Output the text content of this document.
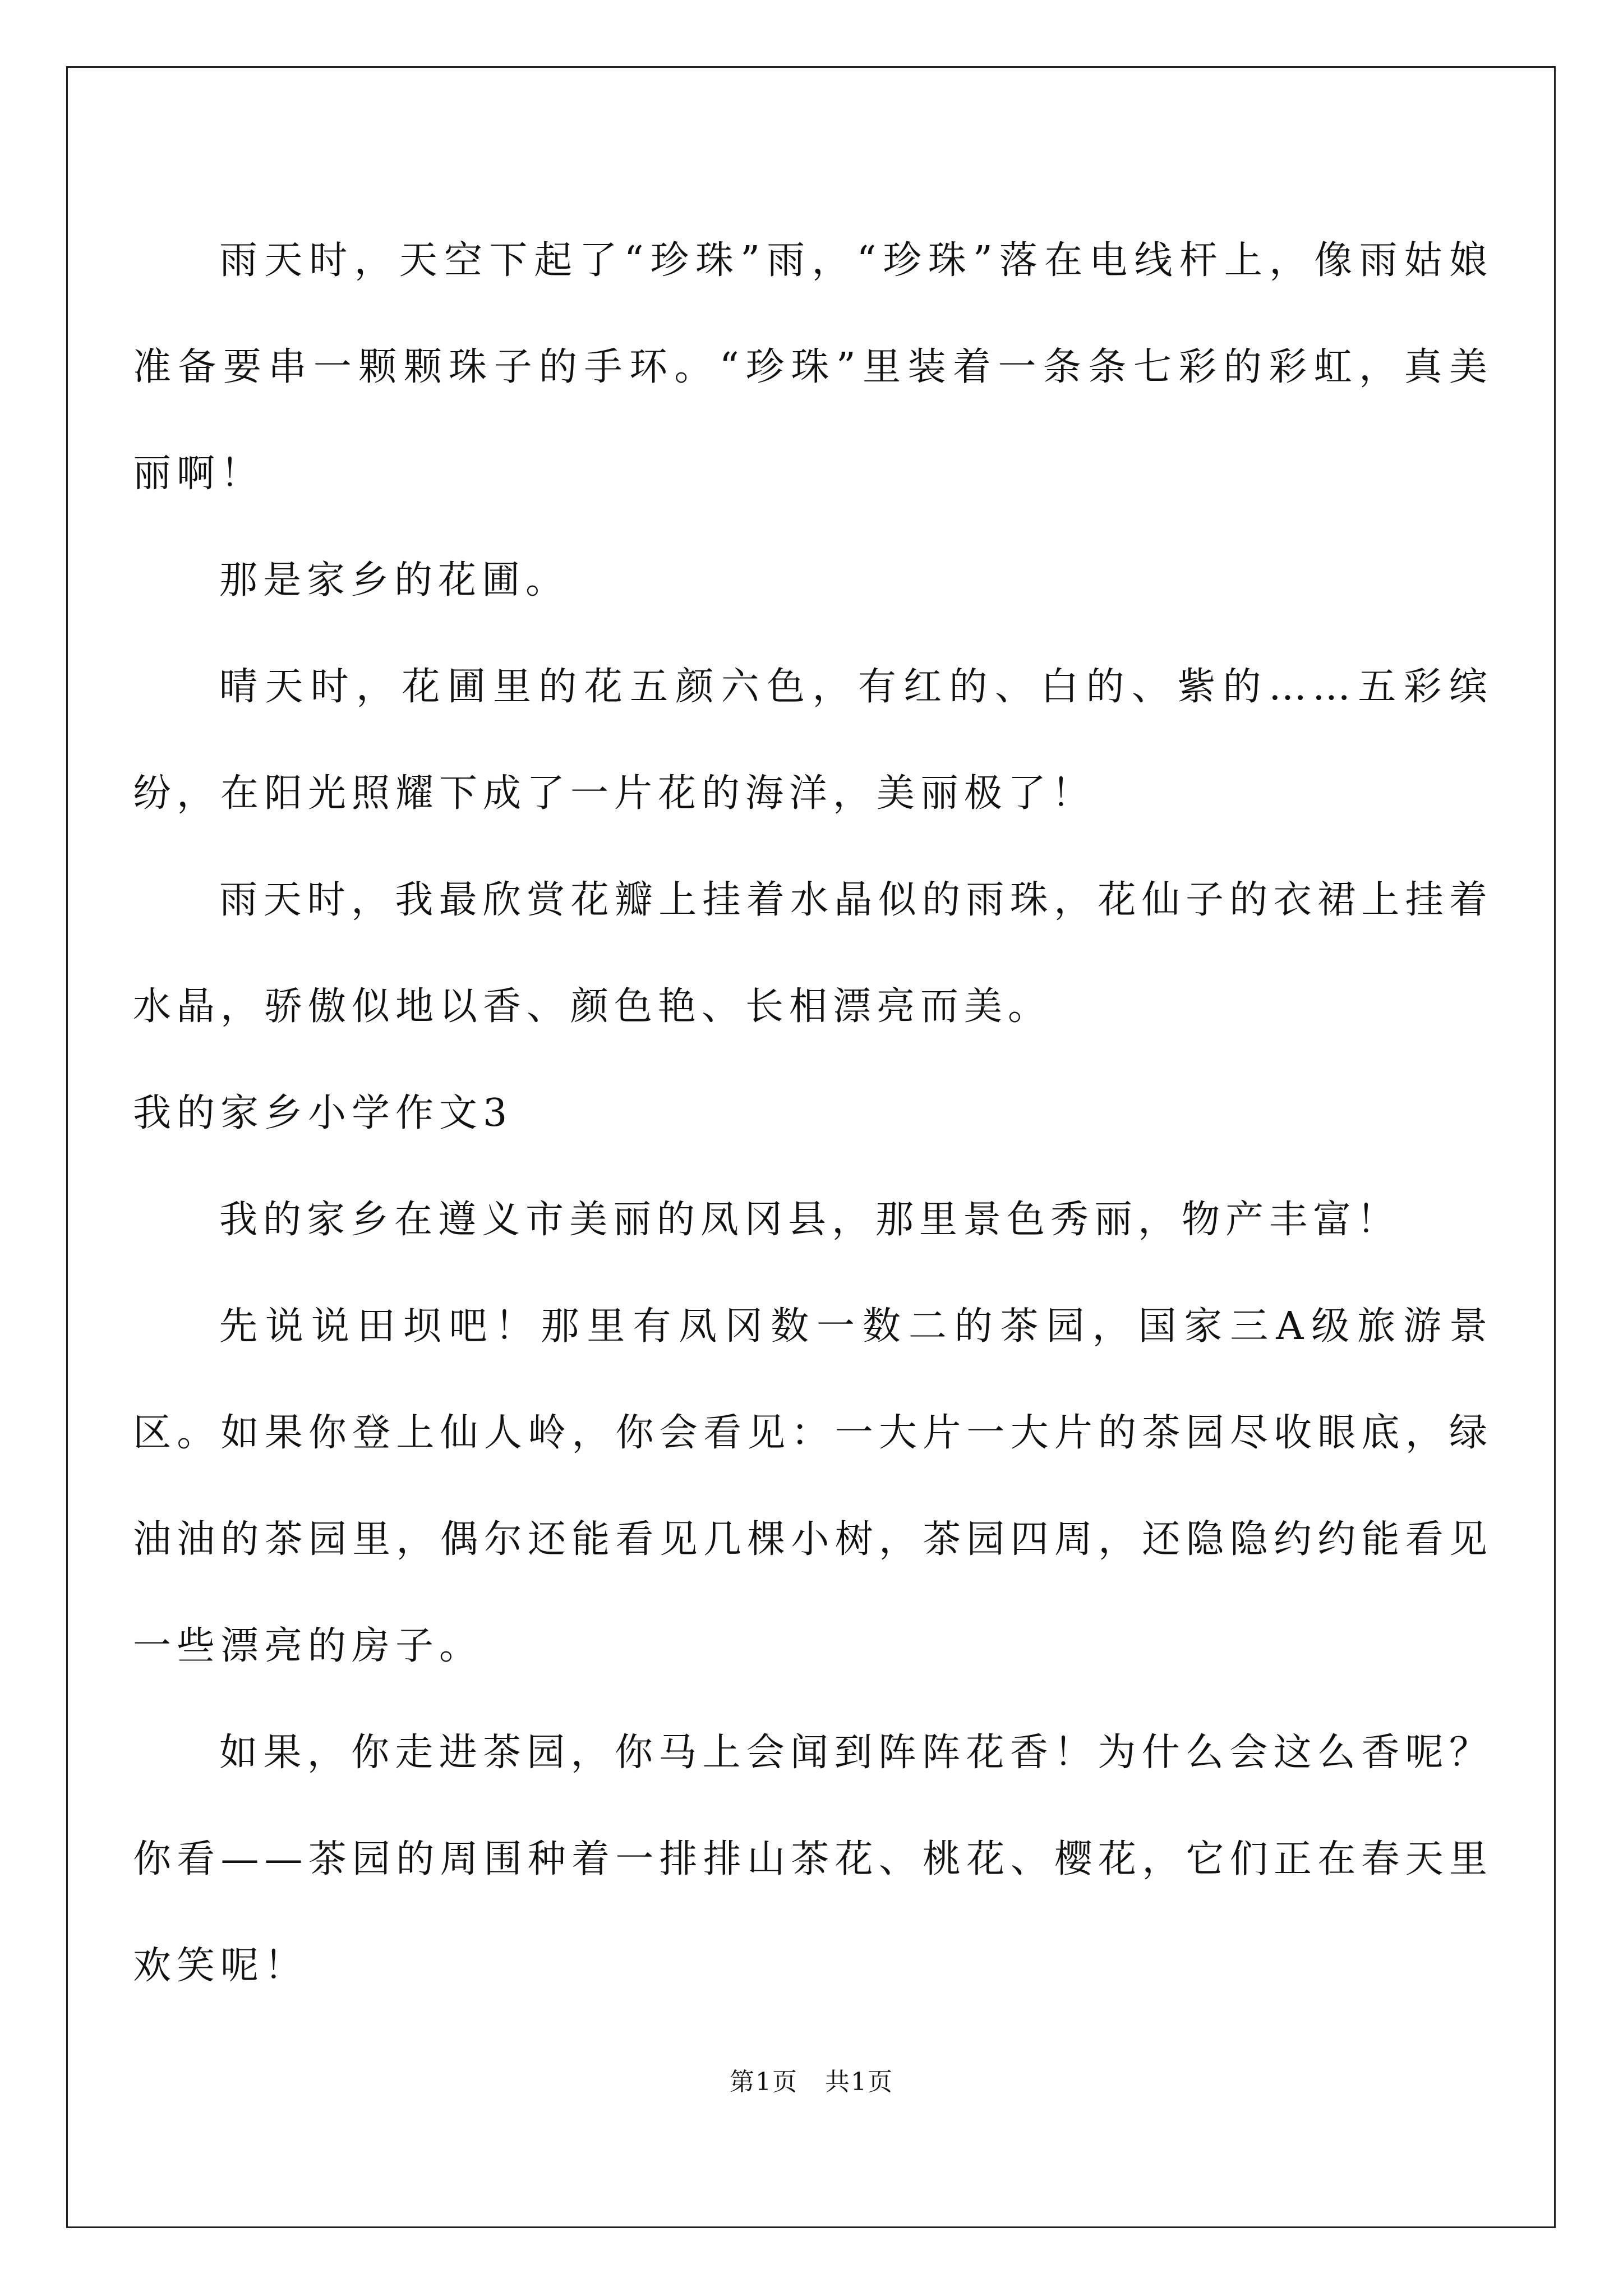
雨天时，天空下起了“珍珠”雨，“珍珠”落在电线杆上，像雨姑娘准备要串一颗颗珠子的手环。“珍珠”里装着一条条七彩的彩虹，真美丽啊！

那是家乡的花圃。

晴天时，花圃里的花五颜六色，有红的、白的、紫的……五彩缤纷，在阳光照耀下成了一片花的海洋，美丽极了！

雨天时，我最欣赏花瓣上挂着水晶似的雨珠，花仙子的衣裙上挂着水晶，骄傲似地以香、颜色艳、长相漂亮而美。

我的家乡小学作文3

我的家乡在遵义市美丽的凤冈县，那里景色秀丽，物产丰富！

先说说田坝吧！那里有凤冈数一数二的茶园，国家三A级旅游景区。如果你登上仙人岭，你会看见：一大片一大片的茶园尽收眼底，绿油油的茶园里，偶尔还能看见几棵小树，茶园四周，还隐隐约约能看见一些漂亮的房子。

如果，你走进茶园，你马上会闻到阵阵花香！为什么会这么香呢？你看——茶园的周围种着一排排山茶花、桃花、樱花，它们正在春天里欢笑呢！

第1页 共1页
